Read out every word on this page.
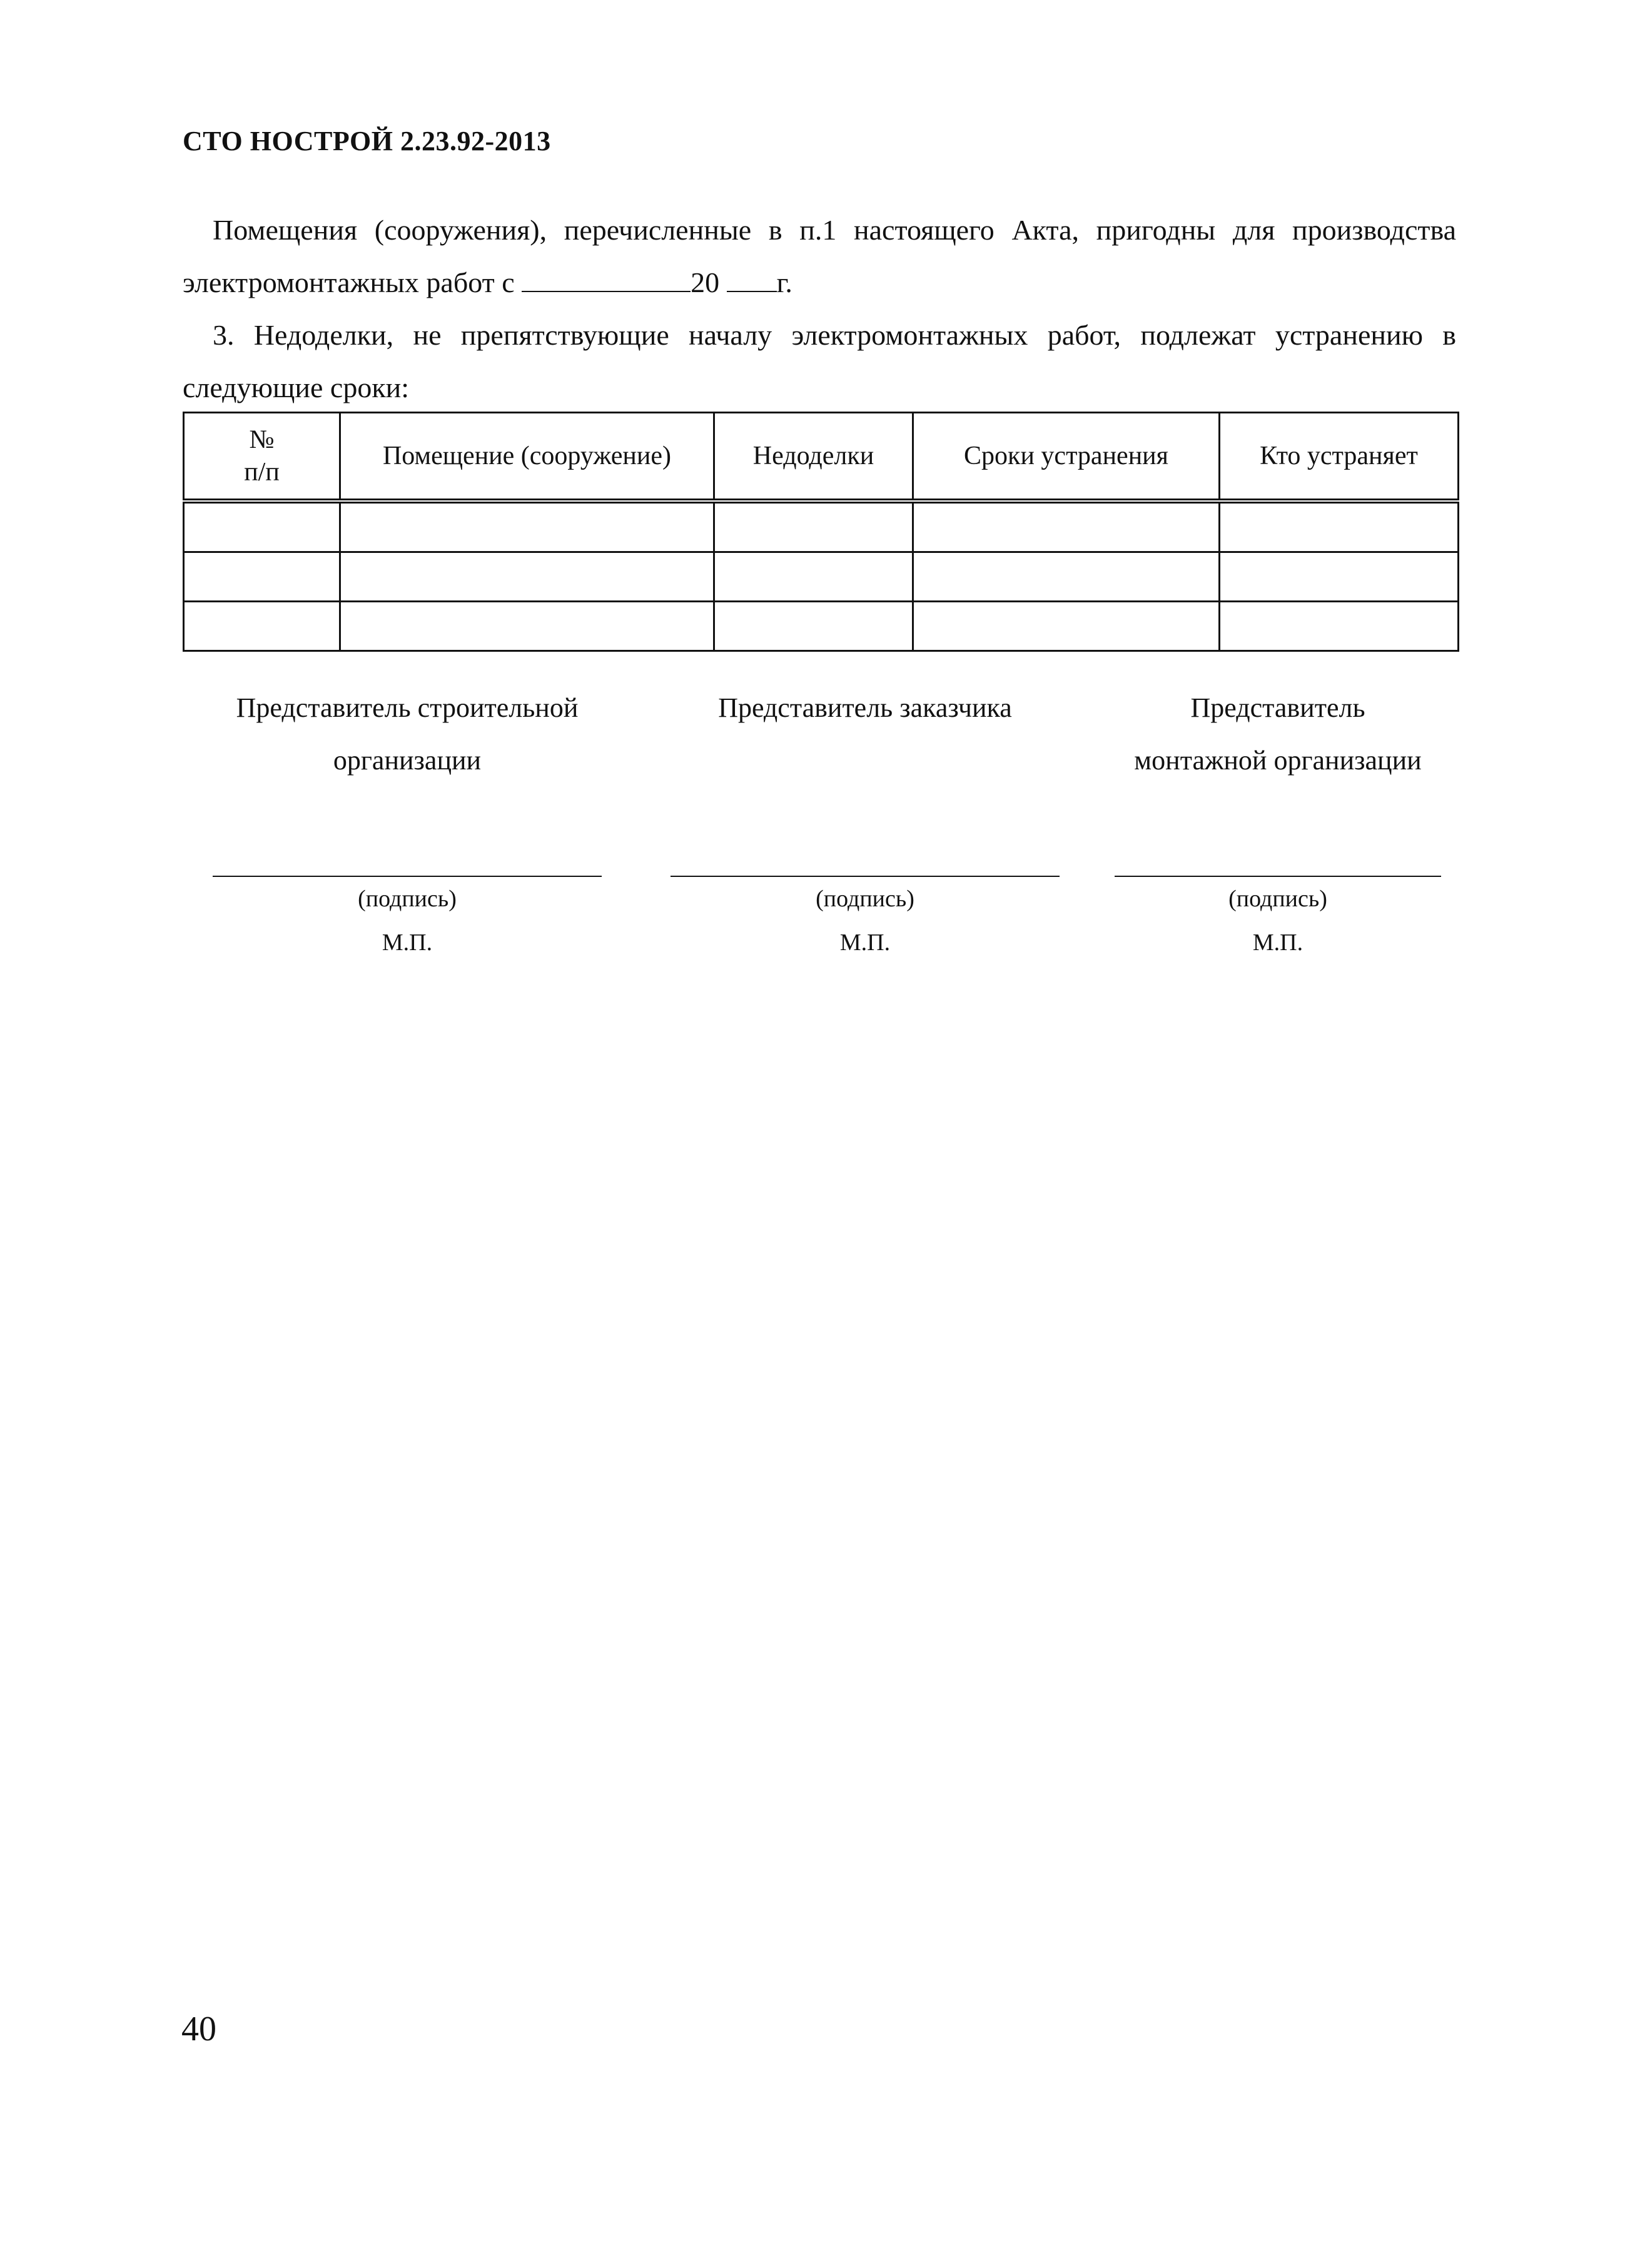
СТО НОСТРОЙ 2.23.92-2013

Помещения (сооружения), перечисленные в п.1 настоящего Акта, пригодны для производства электромонтажных работ с	20 г.

3. Недоделки, не препятствующие началу электромонтажных работ, подлежат устранению в следующие сроки:

№
п/п	Помещение (сооружение)	Недоделки	Сроки устранения	Кто устраняет

Представитель строительной
организации
(подпись)
М.П.
Представитель заказчика
(подпись)
М.П.
Представитель
монтажной организации
(подпись)
М.П.
40
